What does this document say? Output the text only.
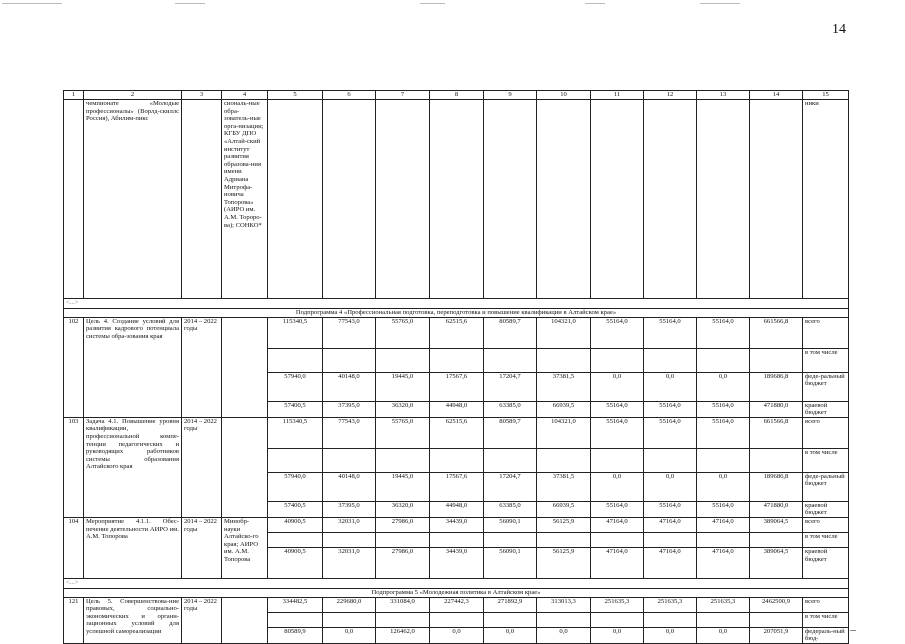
14
1	2	3	4	5	6	7	8	9	10	11	12	13	14	15
	чемпионате «Молодые профессионалы» (Ворлд-скиллс Россия), Абилим-пикс		сиональ-ные обра-зователь-ные орга-низации; КГБУ ДПО «Алтай-ский институт развития образова-ния имени Адриана Митрофа-новича Топорова» (АИРО им. А.М. Тороро-ва); СОНКО*											ники
<...>														
Подпрограмма 4 «Профессиональная подготовка, переподготовка и повышение квалификации в Алтайском крае»														
102	Цель 4. Создание условий для развития кадрового потенциала системы обра-зования края	2014 – 2022 годы		115340,5	77543,0	55765,0	62515,6	80589,7	104321,0	55164,0	55164,0	55164,0	661566,8	всего
														в том числе
				57940,0	40148,0	19445,0	17567,6	17204,7	37381,5	0,0	0,0	0,0	189686,8	феде-ральный бюджет
				57400,5	37395,0	36320,0	44948,0	63385,0	66939,5	55164,0	55164,0	55164,0	471880,0	краевой бюджет
103	Задача 4.1. Повышение уровня квалификации, профессиональной компе-тенции педагогических и руководящих работников системы образования Алтайского края	2014 – 2022 годы		115340,5	77543,0	55765,0	62515,6	80589,7	104321,0	55164,0	55164,0	55164,0	661566,8	всего
														в том числе
				57940,0	40148,0	19445,0	17567,6	17204,7	37381,5	0,0	0,0	0,0	189686,8	феде-ральный бюджет
				57400,5	37395,0	36320,0	44948,0	63385,0	66939,5	55164,0	55164,0	55164,0	471880,0	краевой бюджет
104	Мероприятие 4.1.1. Обес-печение деятельности АИРО им. А.М. Топорова	2014 – 2022 годы	Минобр-науки Алтайско-го края; АИРО им. А.М. Топорова	40900,5	32031,0	27986,0	34439,0	56090,1	56125,9	47164,0	47164,0	47164,0	389064,5	всего
														в том числе
				40900,5	32031,0	27986,0	34439,0	56090,1	56125,9	47164,0	47164,0	47164,0	389064,5	краевой бюджет
<...>														
Подпрограмма 5 «Молодежная политика в Алтайском крае»														
121	Цель 5. Совершенствова-ние правовых, социально-экономических и органи-зационных условий для успешной самореализации	2014 – 2022 годы		334482,5	229680,0	331084,0	227442,3	271892,9	313013,3	251635,3	251635,3	251635,3	2462500,9	всего
														в том числе
				80589,9	0,0	126462,0	0,0	0,0	0,0	0,0	0,0	0,0	207051,9	федераль-ный бюд-
